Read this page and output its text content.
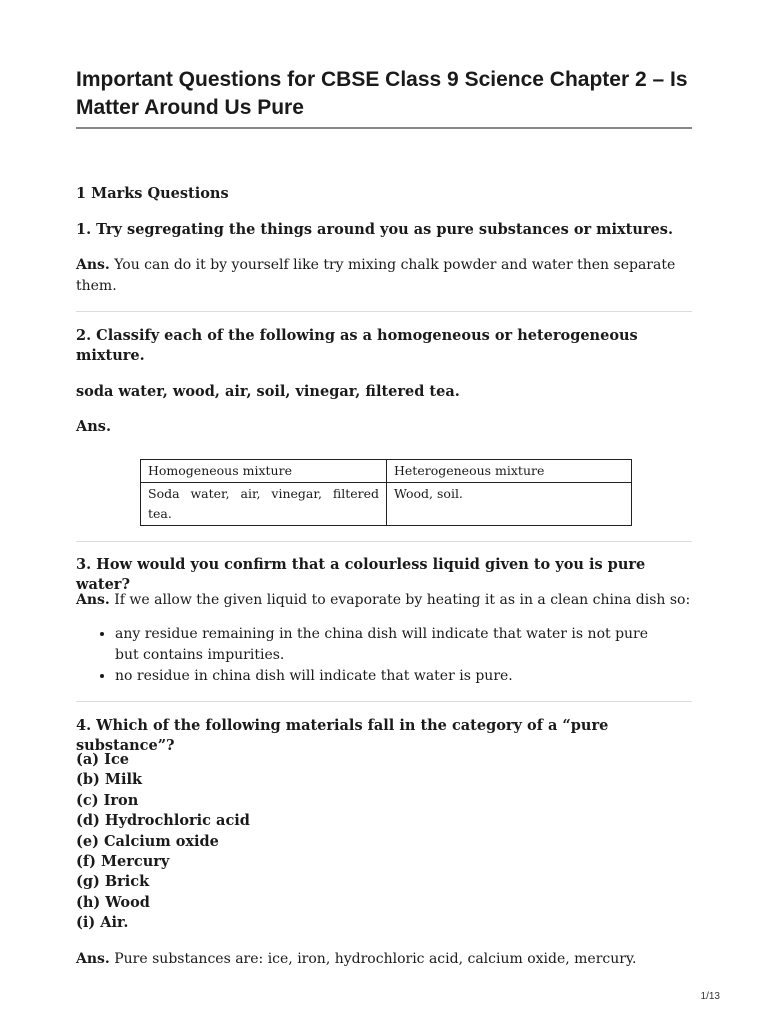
Important Questions for CBSE Class 9 Science Chapter 2 – Is Matter Around Us Pure

1 Marks Questions

1. Try segregating the things around you as pure substances or mixtures.

Ans. You can do it by yourself like try mixing chalk powder and water then separate them.

2. Classify each of the following as a homogeneous or heterogeneous mixture.

soda water, wood, air, soil, vinegar, filtered tea.

Ans.

Homogeneous mixture	Heterogeneous mixture
Soda water, air, vinegar, filtered tea.	Wood, soil.

3. How would you confirm that a colourless liquid given to you is pure water?

Ans. If we allow the given liquid to evaporate by heating it as in a clean china dish so:

• any residue remaining in the china dish will indicate that water is not pure but contains impurities.
• no residue in china dish will indicate that water is pure.

4. Which of the following materials fall in the category of a “pure substance”?

(a) Ice
(b) Milk
(c) Iron
(d) Hydrochloric acid
(e) Calcium oxide
(f) Mercury
(g) Brick
(h) Wood
(i) Air.

Ans. Pure substances are: ice, iron, hydrochloric acid, calcium oxide, mercury.

1/13
